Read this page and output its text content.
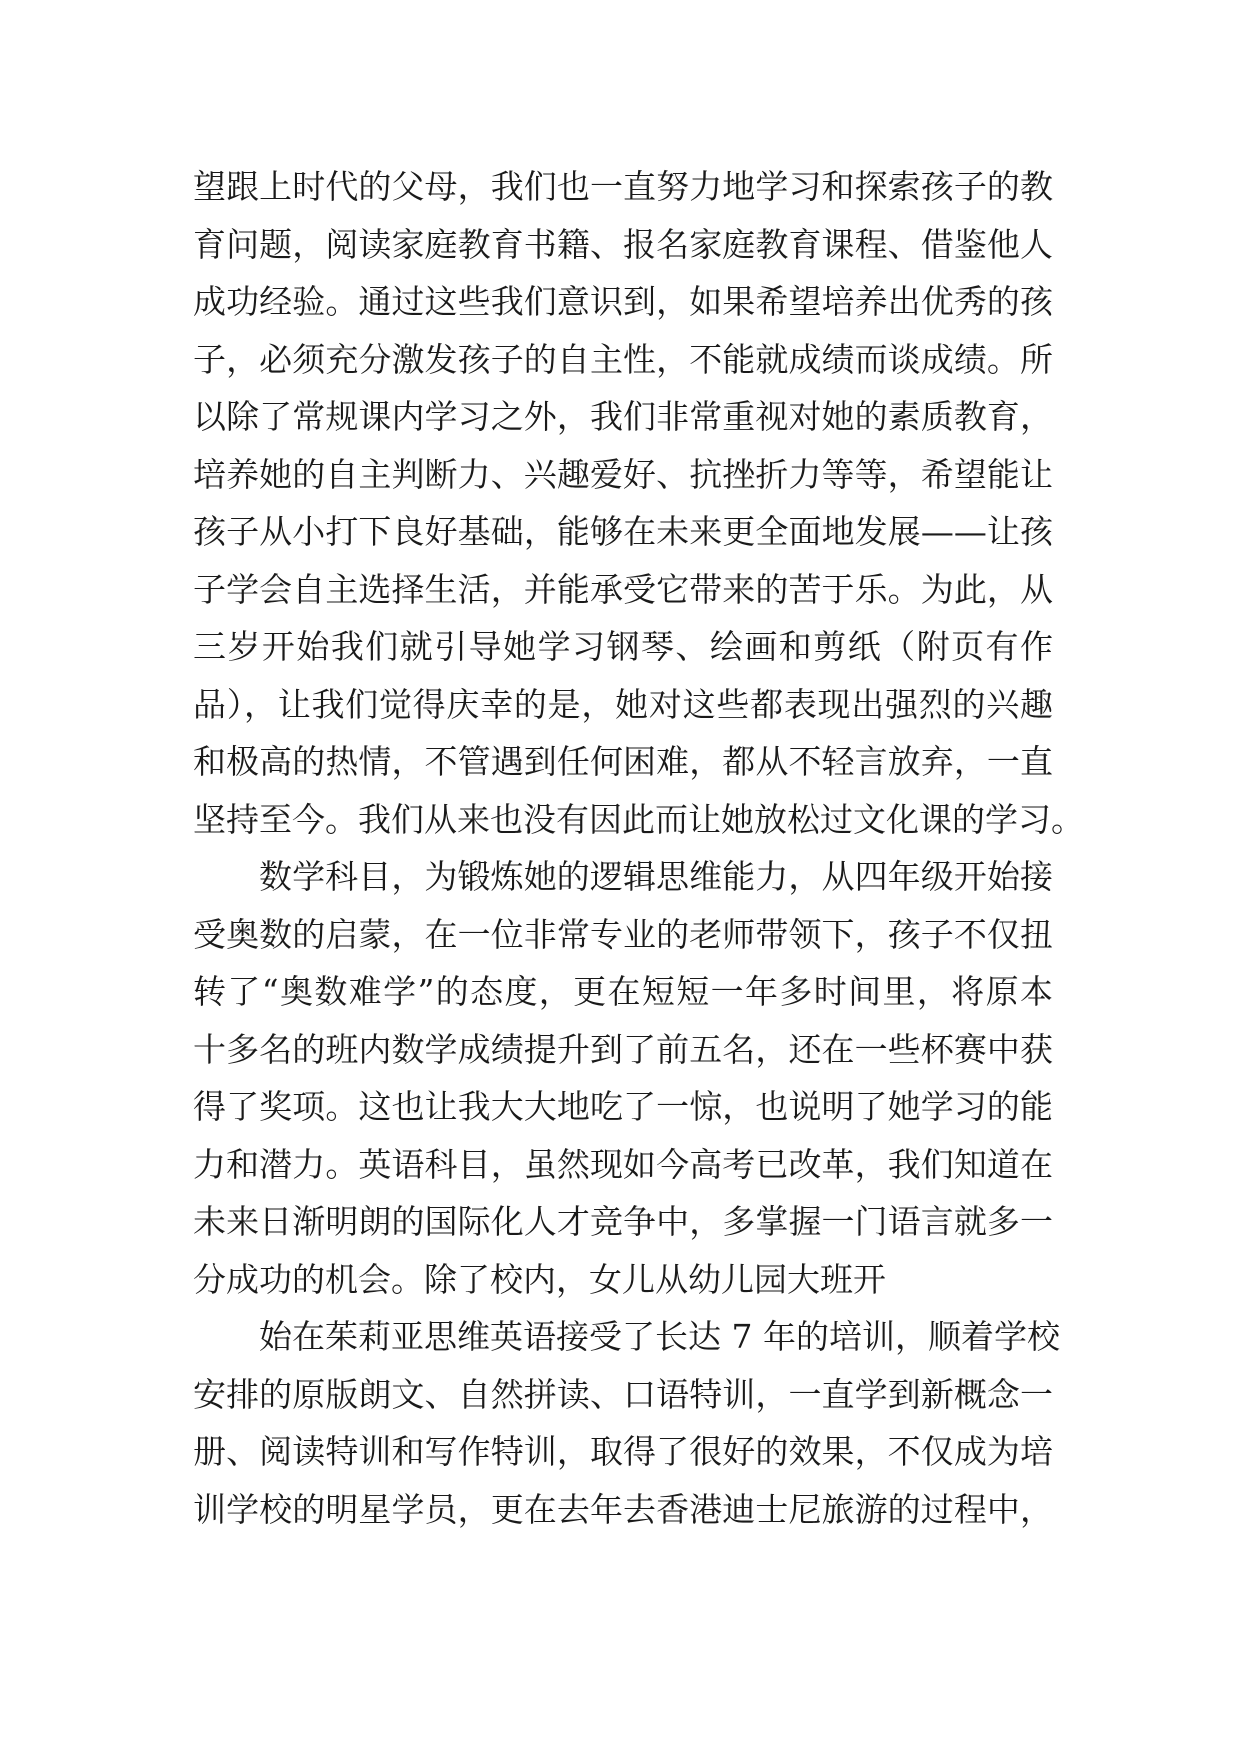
望跟上时代的父母，我们也一直努力地学习和探索孩子的教
育问题，阅读家庭教育书籍、报名家庭教育课程、借鉴他人
成功经验。通过这些我们意识到，如果希望培养出优秀的孩
子，必须充分激发孩子的自主性，不能就成绩而谈成绩。所
以除了常规课内学习之外，我们非常重视对她的素质教育，
培养她的自主判断力、兴趣爱好、抗挫折力等等，希望能让
孩子从小打下良好基础，能够在未来更全面地发展——让孩
子学会自主选择生活，并能承受它带来的苦于乐。为此，从
三岁开始我们就引导她学习钢琴、绘画和剪纸（附页有作
品），让我们觉得庆幸的是，她对这些都表现出强烈的兴趣
和极高的热情，不管遇到任何困难，都从不轻言放弃，一直
坚持至今。我们从来也没有因此而让她放松过文化课的学习。
数学科目，为锻炼她的逻辑思维能力，从四年级开始接
受奥数的启蒙，在一位非常专业的老师带领下，孩子不仅扭
转了“奥数难学”的态度，更在短短一年多时间里，将原本
十多名的班内数学成绩提升到了前五名，还在一些杯赛中获
得了奖项。这也让我大大地吃了一惊，也说明了她学习的能
力和潜力。英语科目，虽然现如今高考已改革，我们知道在
未来日渐明朗的国际化人才竞争中，多掌握一门语言就多一
分成功的机会。除了校内，女儿从幼儿园大班开
始在茱莉亚思维英语接受了长达 7 年的培训，顺着学校
安排的原版朗文、自然拼读、口语特训，一直学到新概念一
册、阅读特训和写作特训，取得了很好的效果，不仅成为培
训学校的明星学员，更在去年去香港迪士尼旅游的过程中，
